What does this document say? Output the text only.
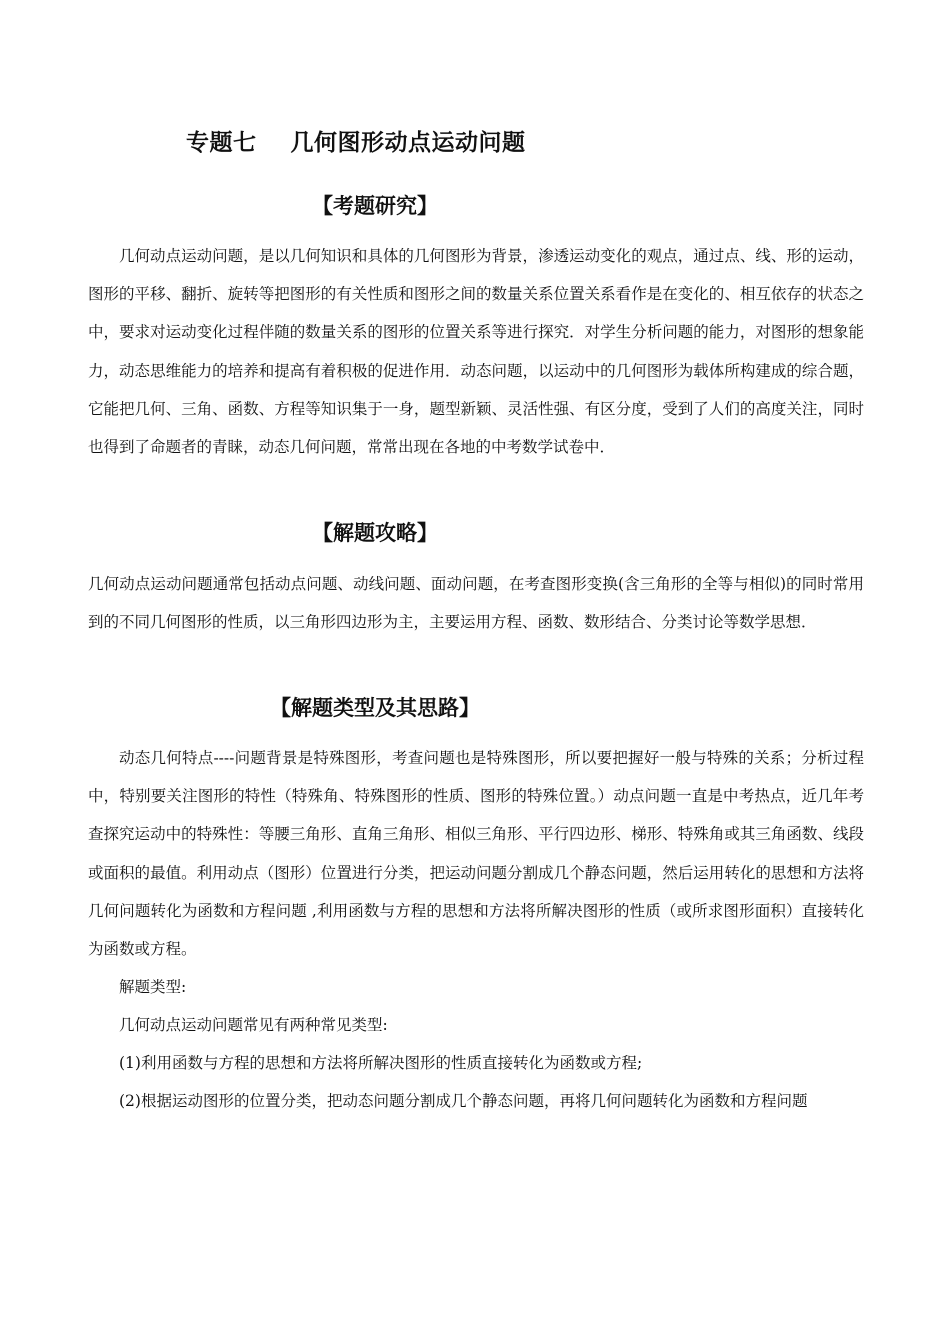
专题七    几何图形动点运动问题
【考题研究】

几何动点运动问题，是以几何知识和具体的几何图形为背景，渗透运动变化的观点，通过点、线、形的运动，图形的平移、翻折、旋转等把图形的有关性质和图形之间的数量关系位置关系看作是在变化的、相互依存的状态之中，要求对运动变化过程伴随的数量关系的图形的位置关系等进行探究．对学生分析问题的能力，对图形的想象能力，动态思维能力的培养和提高有着积极的促进作用．动态问题，以运动中的几何图形为载体所构建成的综合题，它能把几何、三角、函数、方程等知识集于一身，题型新颖、灵活性强、有区分度，受到了人们的高度关注，同时也得到了命题者的青睐，动态几何问题，常常出现在各地的中考数学试卷中．

【解题攻略】

几何动点运动问题通常包括动点问题、动线问题、面动问题，在考查图形变换(含三角形的全等与相似)的同时常用到的不同几何图形的性质，以三角形四边形为主，主要运用方程、函数、数形结合、分类讨论等数学思想．

【解题类型及其思路】

动态几何特点----问题背景是特殊图形，考查问题也是特殊图形，所以要把握好一般与特殊的关系；分析过程中，特别要关注图形的特性（特殊角、特殊图形的性质、图形的特殊位置。）动点问题一直是中考热点，近几年考查探究运动中的特殊性：等腰三角形、直角三角形、相似三角形、平行四边形、梯形、特殊角或其三角函数、线段或面积的最值。利用动点（图形）位置进行分类，把运动问题分割成几个静态问题，然后运用转化的思想和方法将几何问题转化为函数和方程问题 ,利用函数与方程的思想和方法将所解决图形的性质（或所求图形面积）直接转化为函数或方程。

解题类型:

几何动点运动问题常见有两种常见类型:

(1)利用函数与方程的思想和方法将所解决图形的性质直接转化为函数或方程;

(2)根据运动图形的位置分类，把动态问题分割成几个静态问题，再将几何问题转化为函数和方程问题
